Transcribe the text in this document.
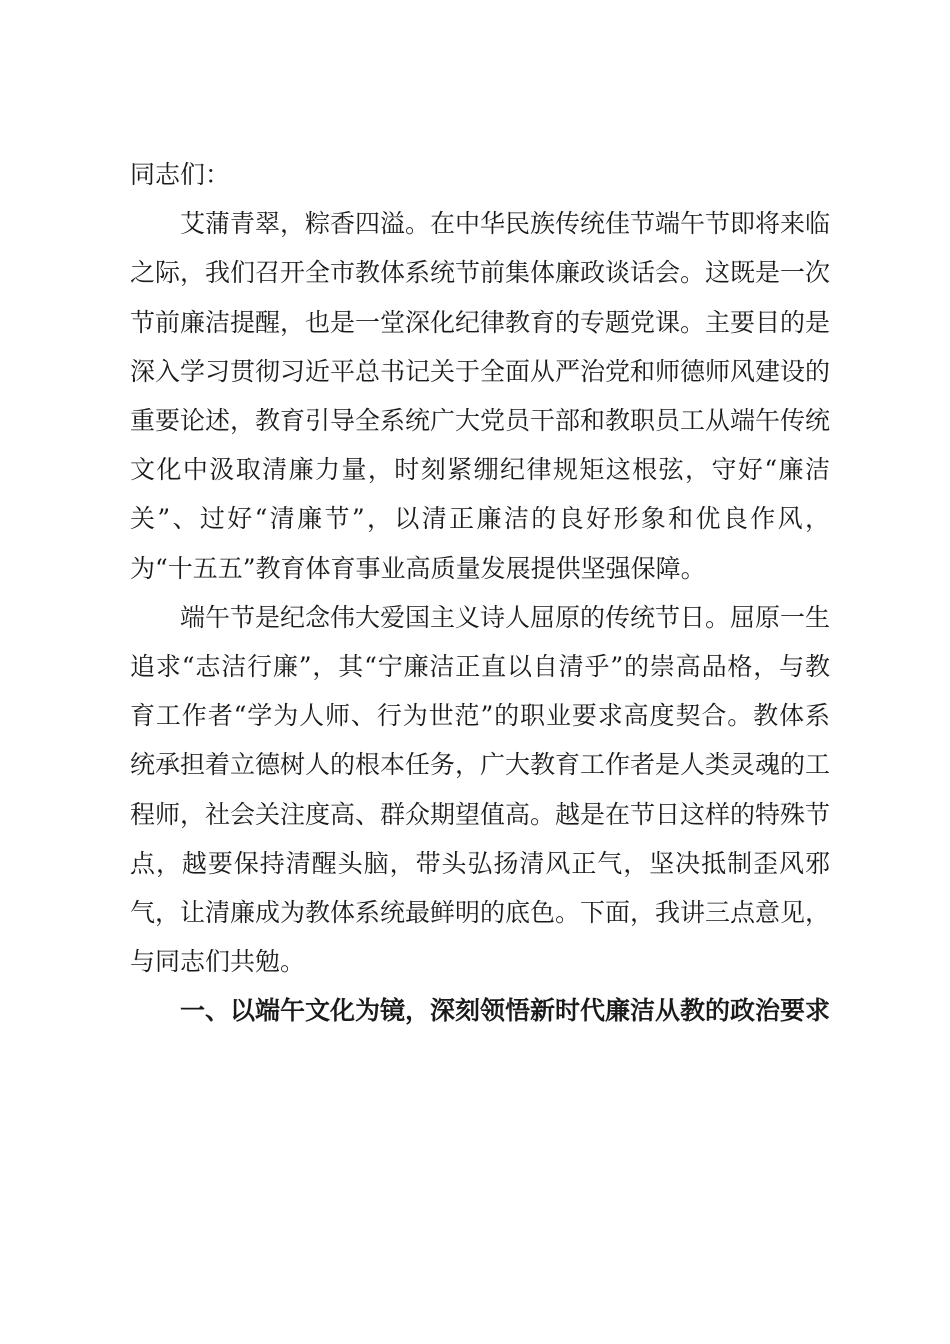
同志们：

艾蒲青翠，粽香四溢。在中华民族传统佳节端午节即将来临之际，我们召开全市教体系统节前集体廉政谈话会。这既是一次节前廉洁提醒，也是一堂深化纪律教育的专题党课。主要目的是深入学习贯彻习近平总书记关于全面从严治党和师德师风建设的重要论述，教育引导全系统广大党员干部和教职员工从端午传统文化中汲取清廉力量，时刻紧绷纪律规矩这根弦，守好“廉洁关”、过好“清廉节”，以清正廉洁的良好形象和优良作风，为“十五五”教育体育事业高质量发展提供坚强保障。

端午节是纪念伟大爱国主义诗人屈原的传统节日。屈原一生追求“志洁行廉”，其“宁廉洁正直以自清乎”的崇高品格，与教育工作者“学为人师、行为世范”的职业要求高度契合。教体系统承担着立德树人的根本任务，广大教育工作者是人类灵魂的工程师，社会关注度高、群众期望值高。越是在节日这样的特殊节点，越要保持清醒头脑，带头弘扬清风正气，坚决抵制歪风邪气，让清廉成为教体系统最鲜明的底色。下面，我讲三点意见，与同志们共勉。

一、以端午文化为镜，深刻领悟新时代廉洁从教的政治要求
